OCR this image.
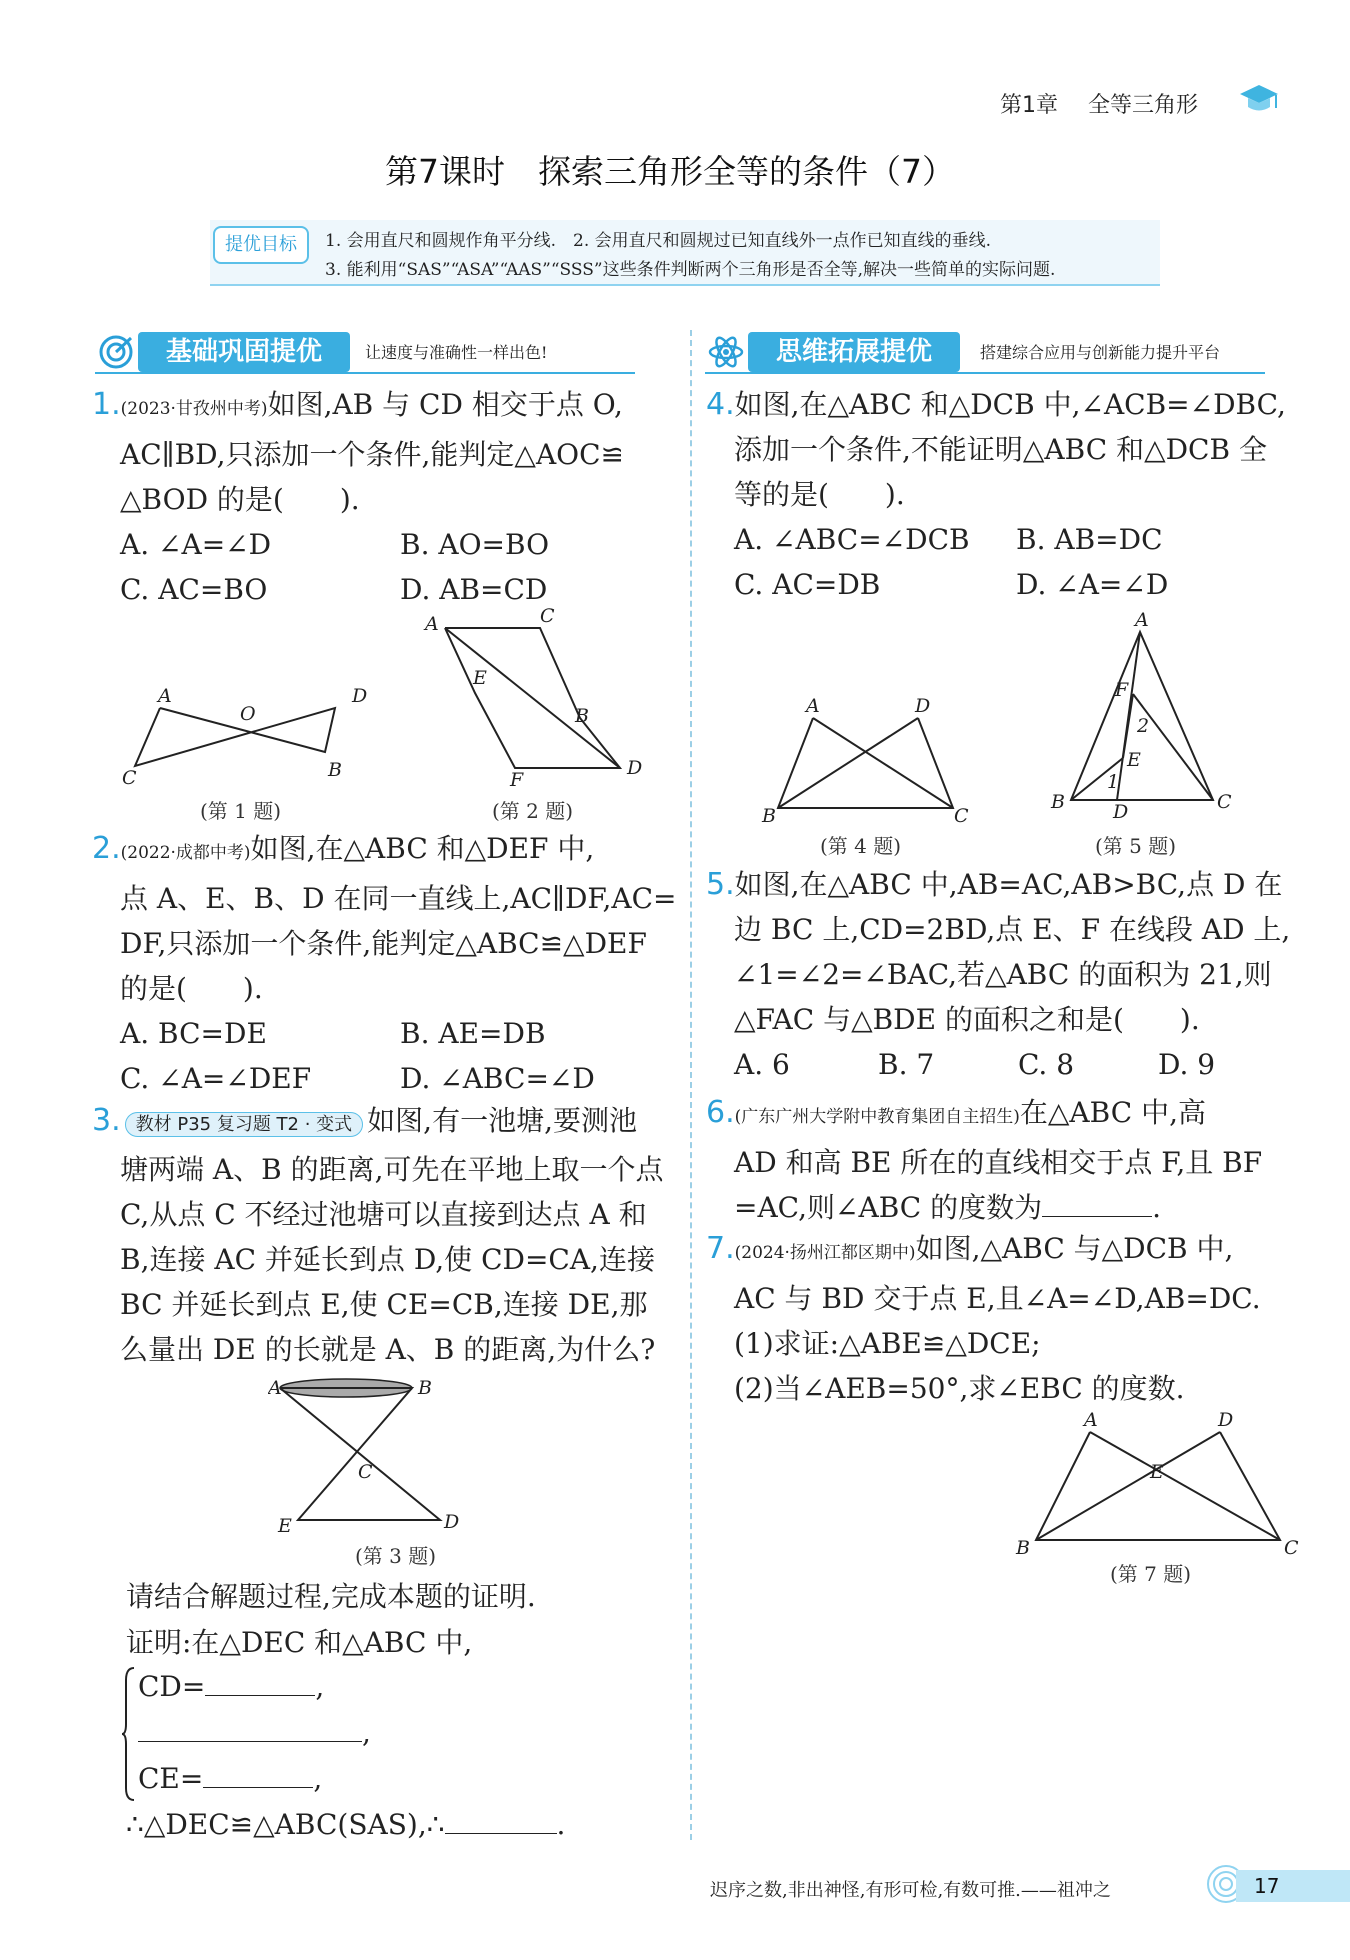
第1章 全等三角形
第7课时　探索三角形全等的条件（7）
提优目标	1. 会用直尺和圆规作角平分线.　2. 会用直尺和圆规过已知直线外一点作已知直线的垂线.
3. 能利用“SAS”“ASA”“AAS”“SSS”这些条件判断两个三角形是否全等,解决一些简单的实际问题.
基础巩固提优	让速度与准确性一样出色!	思维拓展提优	搭建综合应用与创新能力提升平台
1.(2023·甘孜州中考)如图,AB 与 CD 相交于点 O,
AC∥BD,只添加一个条件,能判定△AOC≌
△BOD 的是(　　).
A. ∠A=∠D	B. AO=BO
C. AC=BO	D. AB=CD
A	D
O
C	B
(第 1 题)
A	C
E
B
F
D
(第 2 题)
2.(2022·成都中考)如图,在△ABC 和△DEF 中,
点 A、E、B、D 在同一直线上,AC∥DF,AC=
DF,只添加一个条件,能判定△ABC≌△DEF
的是(　　).
A. BC=DE	B. AE=DB
C. ∠A=∠DEF	D. ∠ABC=∠D
3. 教材 P35 复习题 T2 · 变式 如图,有一池塘,要测池
塘两端 A、B 的距离,可先在平地上取一个点
C,从点 C 不经过池塘可以直接到达点 A 和
B,连接 AC 并延长到点 D,使 CD=CA,连接
BC 并延长到点 E,使 CE=CB,连接 DE,那
么量出 DE 的长就是 A、B 的距离,为什么?
A	B
C
E	D
(第 3 题)
请结合解题过程,完成本题的证明.
证明:在△DEC 和△ABC 中,
CD=	,
,
CE=	,
∴△DEC≌△ABC(SAS),∴	.
4.如图,在△ABC 和△DCB 中,∠ACB=∠DBC,
添加一个条件,不能证明△ABC 和△DCB 全
等的是(　　).
A. ∠ABC=∠DCB B. AB=DC
C. AC=DB	D. ∠A=∠D
A	D
B	C
(第 4 题)
A
F
2
E
1
B	D	C
(第 5 题)
5.如图,在△ABC 中,AB=AC,AB>BC,点 D 在
边 BC 上,CD=2BD,点 E、F 在线段 AD 上,
∠1=∠2=∠BAC,若△ABC 的面积为 21,则
△FAC 与△BDE 的面积之和是(　　).
A. 6	B. 7	C. 8	D. 9
6.(广东广州大学附中教育集团自主招生)在△ABC 中,高
AD 和高 BE 所在的直线相交于点 F,且 BF
=AC,则∠ABC 的度数为	.
7.(2024·扬州江都区期中)如图,△ABC 与△DCB 中,
AC 与 BD 交于点 E,且∠A=∠D,AB=DC.
(1)求证:△ABE≌△DCE;
(2)当∠AEB=50°,求∠EBC 的度数.
A	D
E
B	C
(第 7 题)
迟序之数,非出神怪,有形可检,有数可推.——祖冲之	17
